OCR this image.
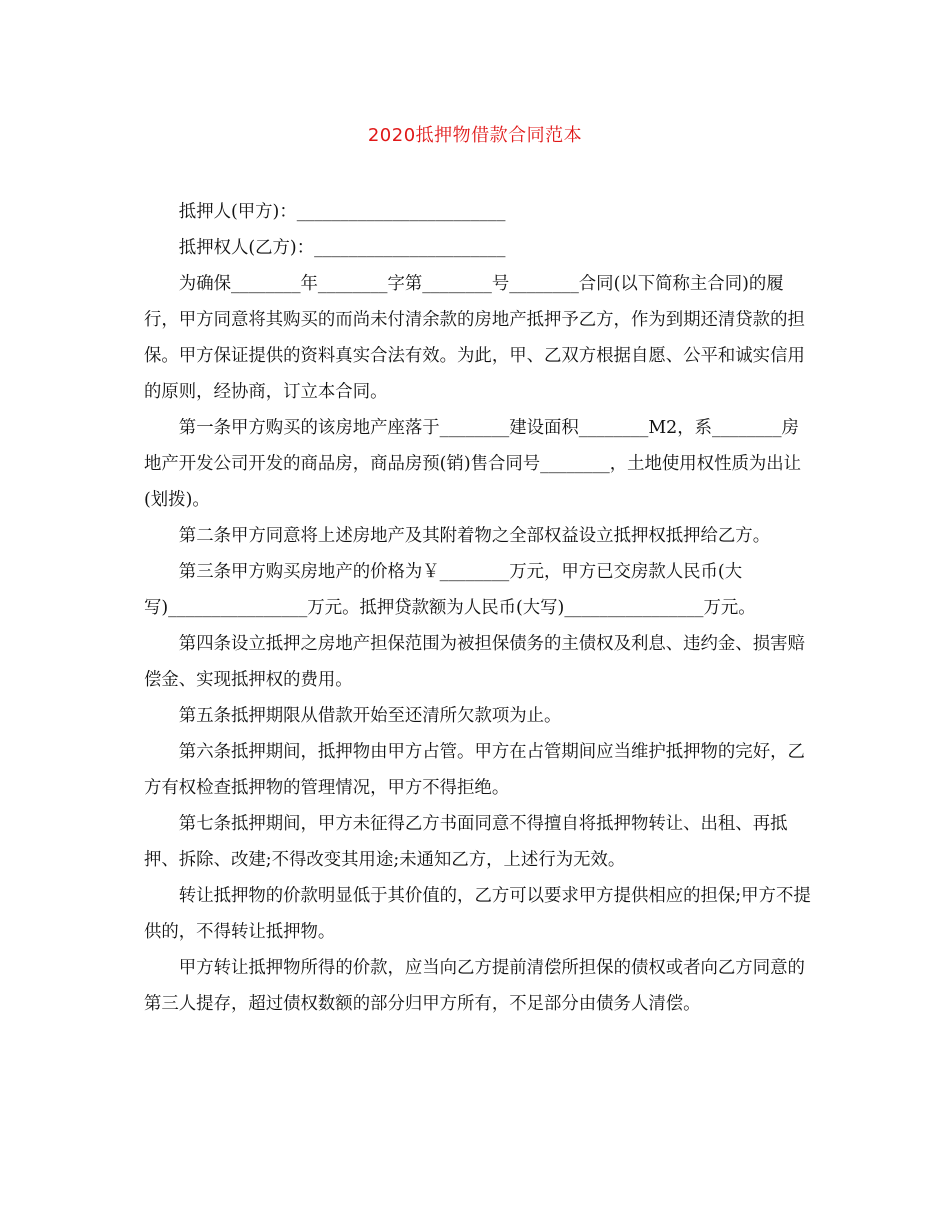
2020抵押物借款合同范本

抵押人(甲方)：________________________

抵押权人(乙方)：______________________

为确保________年________字第________号________合同(以下简称主合同)的履行，甲方同意将其购买的而尚未付清余款的房地产抵押予乙方，作为到期还清贷款的担保。甲方保证提供的资料真实合法有效。为此，甲、乙双方根据自愿、公平和诚实信用的原则，经协商，订立本合同。

第一条甲方购买的该房地产座落于________建设面积________M2，系________房地产开发公司开发的商品房，商品房预(销)售合同号________，土地使用权性质为出让(划拨)。

第二条甲方同意将上述房地产及其附着物之全部权益设立抵押权抵押给乙方。

第三条甲方购买房地产的价格为￥________万元，甲方已交房款人民币(大写)________________万元。抵押贷款额为人民币(大写)________________万元。

第四条设立抵押之房地产担保范围为被担保债务的主债权及利息、违约金、损害赔偿金、实现抵押权的费用。

第五条抵押期限从借款开始至还清所欠款项为止。

第六条抵押期间，抵押物由甲方占管。甲方在占管期间应当维护抵押物的完好，乙方有权检查抵押物的管理情况，甲方不得拒绝。

第七条抵押期间，甲方未征得乙方书面同意不得擅自将抵押物转让、出租、再抵押、拆除、改建;不得改变其用途;未通知乙方，上述行为无效。

转让抵押物的价款明显低于其价值的，乙方可以要求甲方提供相应的担保;甲方不提供的，不得转让抵押物。

甲方转让抵押物所得的价款，应当向乙方提前清偿所担保的债权或者向乙方同意的第三人提存，超过债权数额的部分归甲方所有，不足部分由债务人清偿。
